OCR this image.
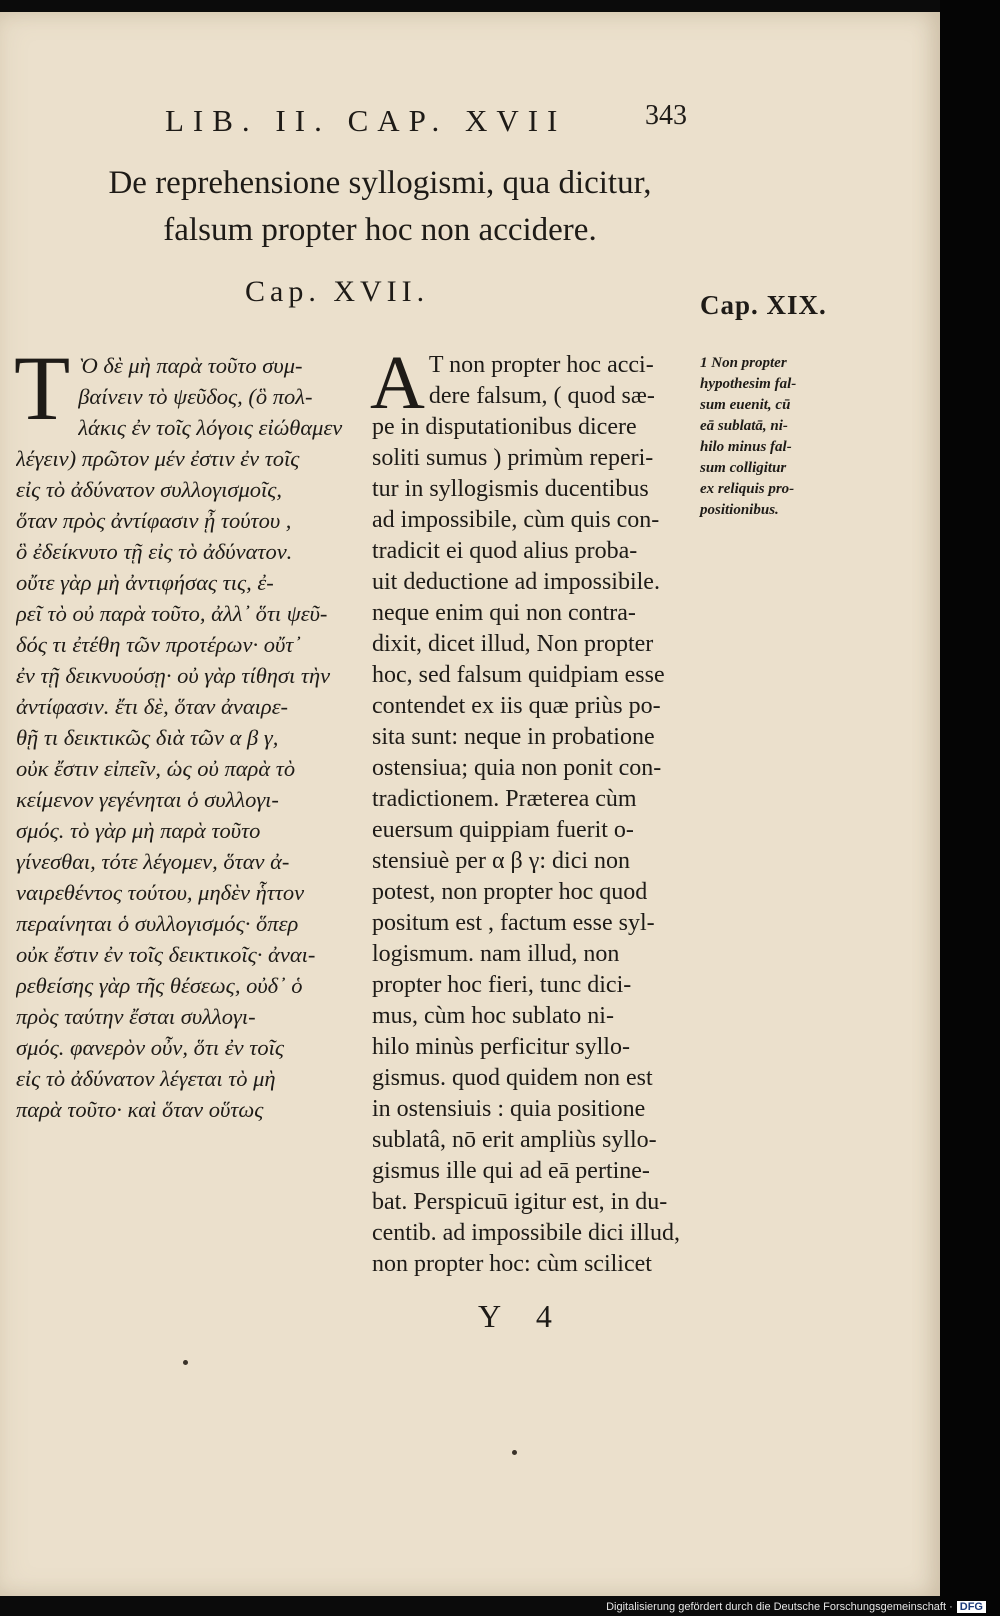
LIB. II. CAP. XVII	343
De reprehensione syllogismi, qua dicitur,
falsum propter hoc non accidere.
Cap. XVII.	Cap. XIX.
T Ὸ δὲ μὴ παρὰ τοῦτο συμ-
βαίνειν τὸ ψεῦδος, (ὃ πολ-
λάκις ἐν τοῖς λόγοις εἰώθαμεν
λέγειν) πρῶτον μέν ἐστιν ἐν τοῖς
εἰς τὸ ἀδύνατον συλλογισμοῖς,
ὅταν πρὸς ἀντίφασιν ᾖ τούτου ,
ὃ ἐδείκνυτο τῇ εἰς τὸ ἀδύνατον.
οὔτε γὰρ μὴ ἀντιφήσας τις, ἐ-
ρεῖ τὸ οὐ παρὰ τοῦτο, ἀλλ᾽ ὅτι ψεῦ-
δός τι ἐτέθη τῶν προτέρων· οὔτ᾽
ἐν τῇ δεικνυούσῃ· οὐ γὰρ τίθησι τὴν
ἀντίφασιν. ἔτι δὲ, ὅταν ἀναιρε-
θῇ τι δεικτικῶς διὰ τῶν α β γ,
οὐκ ἔστιν εἰπεῖν, ὡς οὐ παρὰ τὸ
κείμενον γεγένηται ὁ συλλογι-
σμός. τὸ γὰρ μὴ παρὰ τοῦτο
γίνεσθαι, τότε λέγομεν, ὅταν ἀ-
ναιρεθέντος τούτου, μηδὲν ἧττον
περαίνηται ὁ συλλογισμός· ὅπερ
οὐκ ἔστιν ἐν τοῖς δεικτικοῖς· ἀναι-
ρεθείσης γὰρ τῆς θέσεως, οὐδ᾽ ὁ
πρὸς ταύτην ἔσται συλλογι-
σμός. φανερὸν οὖν, ὅτι ἐν τοῖς
εἰς τὸ ἀδύνατον λέγεται τὸ μὴ
παρὰ τοῦτο· καὶ ὅταν οὕτως
A T non propter hoc acci-
dere falsum, ( quod sæ-
pe in disputationibus dicere
soliti sumus ) primùm reperi-
tur in syllogismis ducentibus
ad impossibile, cùm quis con-
tradicit ei quod alius proba-
uit deductione ad impossibile.
neque enim qui non contra-
dixit, dicet illud, Non propter
hoc, sed falsum quidpiam esse
contendet ex iis quæ priùs po-
sita sunt: neque in probatione
ostensiua; quia non ponit con-
tradictionem. Præterea cùm
euersum quippiam fuerit o-
stensiuè per α β γ: dici non
potest, non propter hoc quod
positum est , factum esse syl-
logismum. nam illud, non
propter hoc fieri, tunc dici-
mus, cùm hoc sublato ni-
hilo minùs perficitur syllo-
gismus. quod quidem non est
in ostensiuis : quia positione
sublatâ, nō erit ampliùs syllo-
gismus ille qui ad eā pertine-
bat. Perspicuū igitur est, in du-
centib. ad impossibile dici illud,
non propter hoc: cùm scilicet
1 Non propter
hypothesim fal-
sum euenit, cū
eā sublatā, ni-
hilo minus fal-
sum colligitur
ex reliquis pro-
positionibus.
Y 4
Digitalisierung gefördert durch die Deutsche Forschungsgemeinschaft · DFG
